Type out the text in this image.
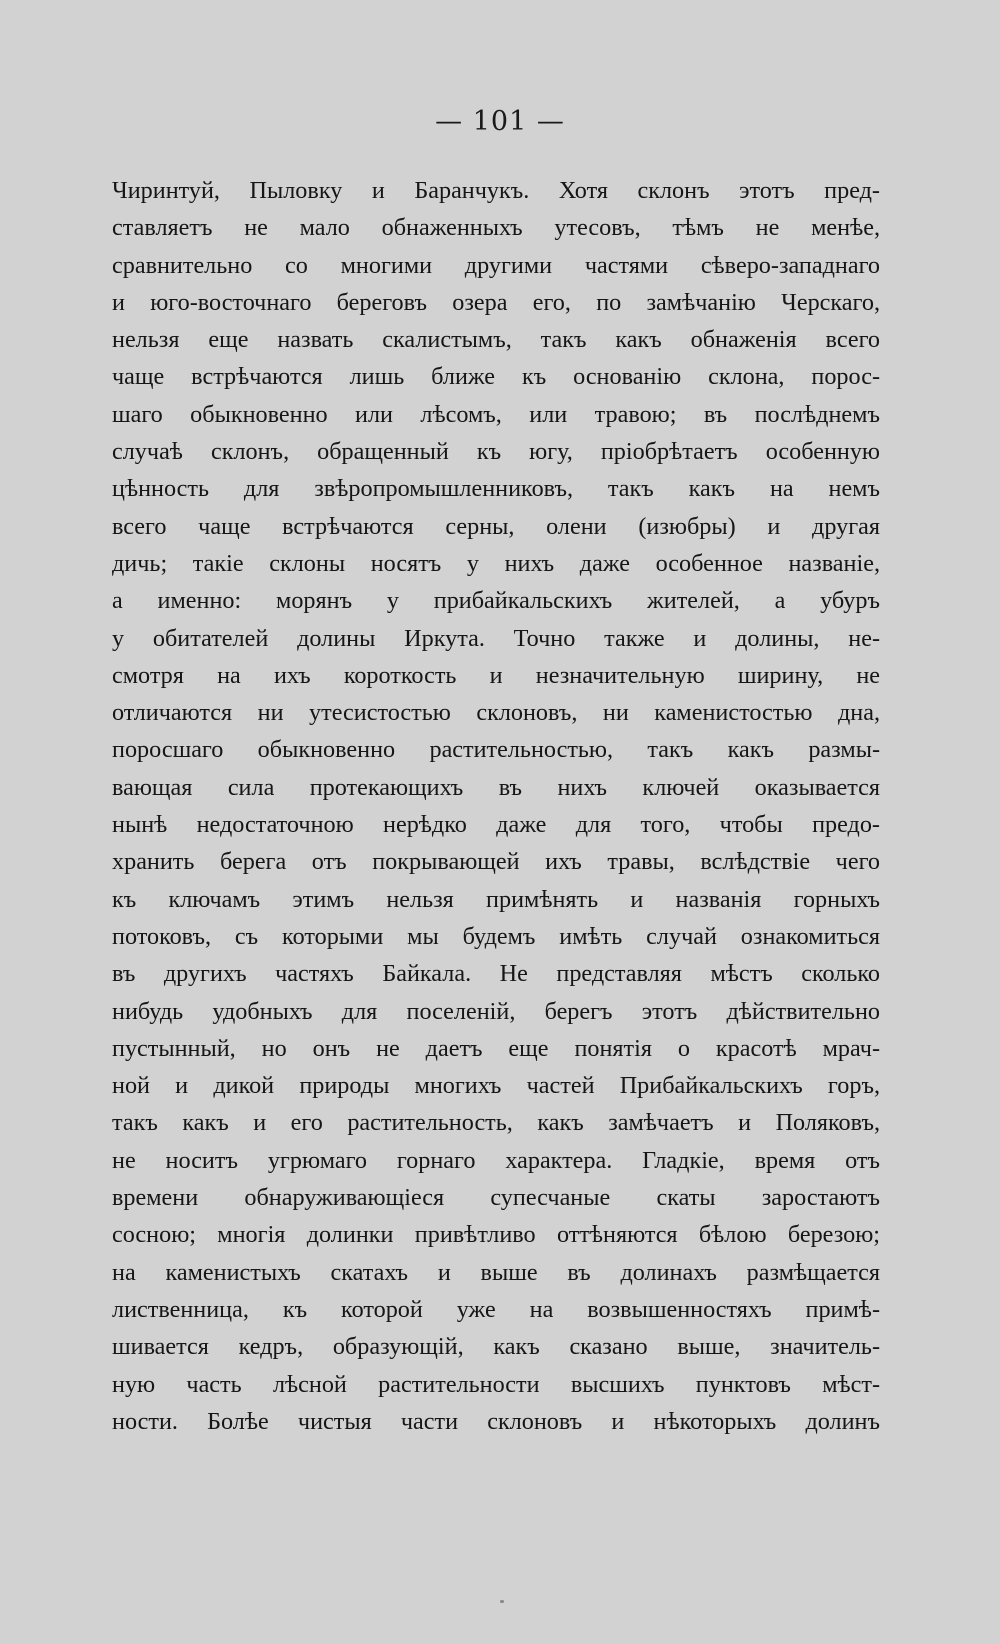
— 101 —
Чиринтуй, Пыловку и Баранчукъ. Хотя склонъ этотъ пред-
ставляетъ не мало обнаженныхъ утесовъ, тѣмъ не менѣе,
сравнительно со многими другими частями сѣверо-западнаго
и юго-восточнаго береговъ озера его, по замѣчанію Черскаго,
нельзя еще назвать скалистымъ, такъ какъ обнаженія всего
чаще встрѣчаются лишь ближе къ основанію склона, порос-
шаго обыкновенно или лѣсомъ, или травою; въ послѣднемъ
случаѣ склонъ, обращенный къ югу, пріобрѣтаетъ особенную
цѣнность для звѣропромышленниковъ, такъ какъ на немъ
всего чаще встрѣчаются серны, олени (изюбры) и другая
дичь; такіе склоны носятъ у нихъ даже особенное названіе,
а именно: морянъ у прибайкальскихъ жителей, а убуръ
у обитателей долины Иркута. Точно также и долины, не-
смотря на ихъ короткость и незначительную ширину, не
отличаются ни утесистостью склоновъ, ни каменистостью дна,
поросшаго обыкновенно растительностью, такъ какъ размы-
вающая сила протекающихъ въ нихъ ключей оказывается
нынѣ недостаточною нерѣдко даже для того, чтобы предо-
хранить берега отъ покрывающей ихъ травы, вслѣдствіе чего
къ ключамъ этимъ нельзя примѣнять и названія горныхъ
потоковъ, съ которыми мы будемъ имѣть случай ознакомиться
въ другихъ частяхъ Байкала. Не представляя мѣстъ сколько
нибудь удобныхъ для поселеній, берегъ этотъ дѣйствительно
пустынный, но онъ не даетъ еще понятія о красотѣ мрач-
ной и дикой природы многихъ частей Прибайкальскихъ горъ,
такъ какъ и его растительность, какъ замѣчаетъ и Поляковъ,
не носитъ угрюмаго горнаго характера. Гладкіе, время отъ
времени обнаруживающіеся супесчаные скаты заростаютъ
сосною; многія долинки привѣтливо оттѣняются бѣлою березою;
на каменистыхъ скатахъ и выше въ долинахъ размѣщается
лиственница, къ которой уже на возвышенностяхъ примѣ-
шивается кедръ, образующій, какъ сказано выше, значитель-
ную часть лѣсной растительности высшихъ пунктовъ мѣст-
ности. Болѣе чистыя части склоновъ и нѣкоторыхъ долинъ
